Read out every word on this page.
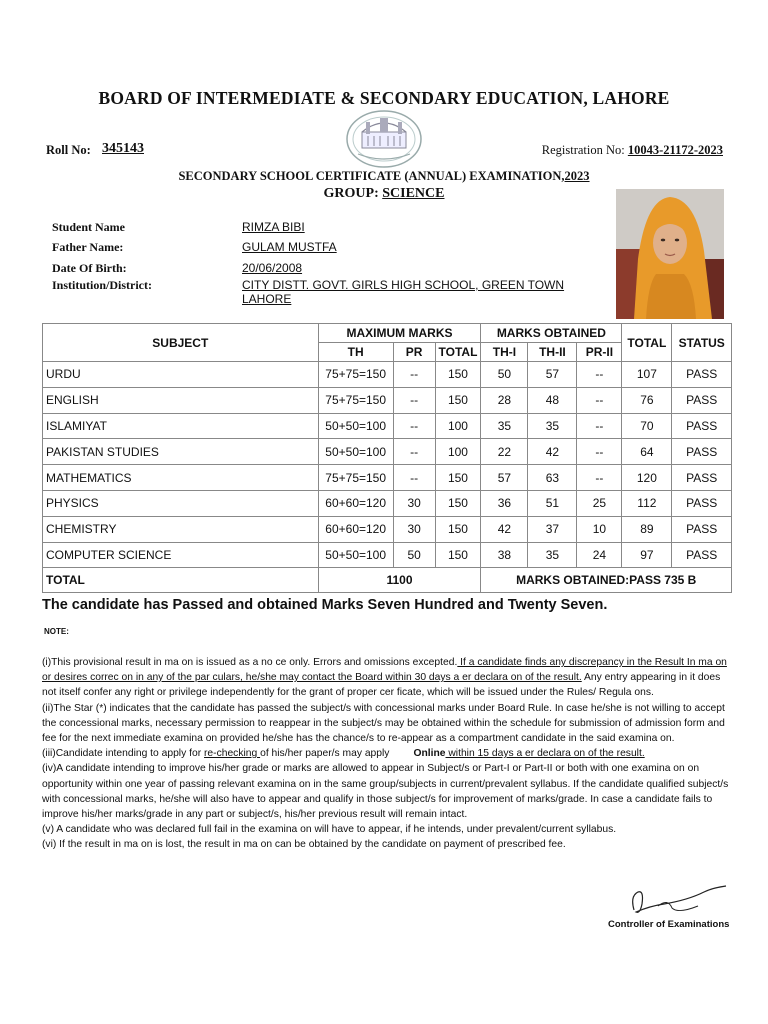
BOARD OF INTERMEDIATE & SECONDARY EDUCATION, LAHORE
Roll No: 345143	Registration No: 10043-21172-2023
SECONDARY SCHOOL CERTIFICATE (ANNUAL) EXAMINATION,2023
GROUP: SCIENCE
Student Name	RIMZA BIBI
Father Name:	GULAM MUSTFA
Date Of Birth:	20/06/2008
Institution/District:	CITY DISTT. GOVT. GIRLS HIGH SCHOOL, GREEN TOWN
LAHORE
SUBJECT	MAXIMUM MARKS			MARKS OBTAINED			TOTAL	STATUS
	TH	PR	TOTAL	TH-I	TH-II	PR-II		
URDU	75+75=150	--	150	50	57	--	107	PASS
ENGLISH	75+75=150	--	150	28	48	--	76	PASS
ISLAMIYAT	50+50=100	--	100	35	35	--	70	PASS
PAKISTAN STUDIES	50+50=100	--	100	22	42	--	64	PASS
MATHEMATICS	75+75=150	--	150	57	63	--	120	PASS
PHYSICS	60+60=120	30	150	36	51	25	112	PASS
CHEMISTRY	60+60=120	30	150	42	37	10	89	PASS
COMPUTER SCIENCE	50+50=100	50	150	38	35	24	97	PASS
TOTAL	1100			MARKS OBTAINED:PASS 735 B				
The candidate has Passed and obtained Marks Seven Hundred and Twenty Seven.
NOTE:

(i)This provisional result in ma on is issued as a no ce only. Errors and omissions excepted. If a candidate finds any discrepancy in the Result In ma on or desires correc on in any of the par culars, he/she may contact the Board within 30 days a er declara on of the result. Any entry appearing in it does not itself confer any right or privilege independently for the grant of proper cer ficate, which will be issued under the Rules/ Regula ons.

(ii)The Star (*) indicates that the candidate has passed the subject/s with concessional marks under Board Rule. In case he/she is not willing to accept the concessional marks, necessary permission to reappear in the subject/s may be obtained within the schedule for submission of admission form and fee for the next immediate examina on provided he/she has the chance/s to re-appear as a compartment candidate in the said examina on.

(iii)Candidate intending to apply for re-checking of his/her paper/s may apply Online within 15 days a er declara on of the result.

(iv)A candidate intending to improve his/her grade or marks are allowed to appear in Subject/s or Part-I or Part-II or both with one examina on on opportunity within one year of passing relevant examina on in the same group/subjects in current/prevalent syllabus. If the candidate qualified subject/s with concessional marks, he/she will also have to appear and qualify in those subject/s for improvement of marks/grade. In case a candidate fails to improve his/her marks/grade in any part or subject/s, his/her previous result will remain intact.

(v) A candidate who was declared full fail in the examina on will have to appear, if he intends, under prevalent/current syllabus.

(vi) If the result in ma on is lost, the result in ma on can be obtained by the candidate on payment of prescribed fee.

Controller of Examinations
